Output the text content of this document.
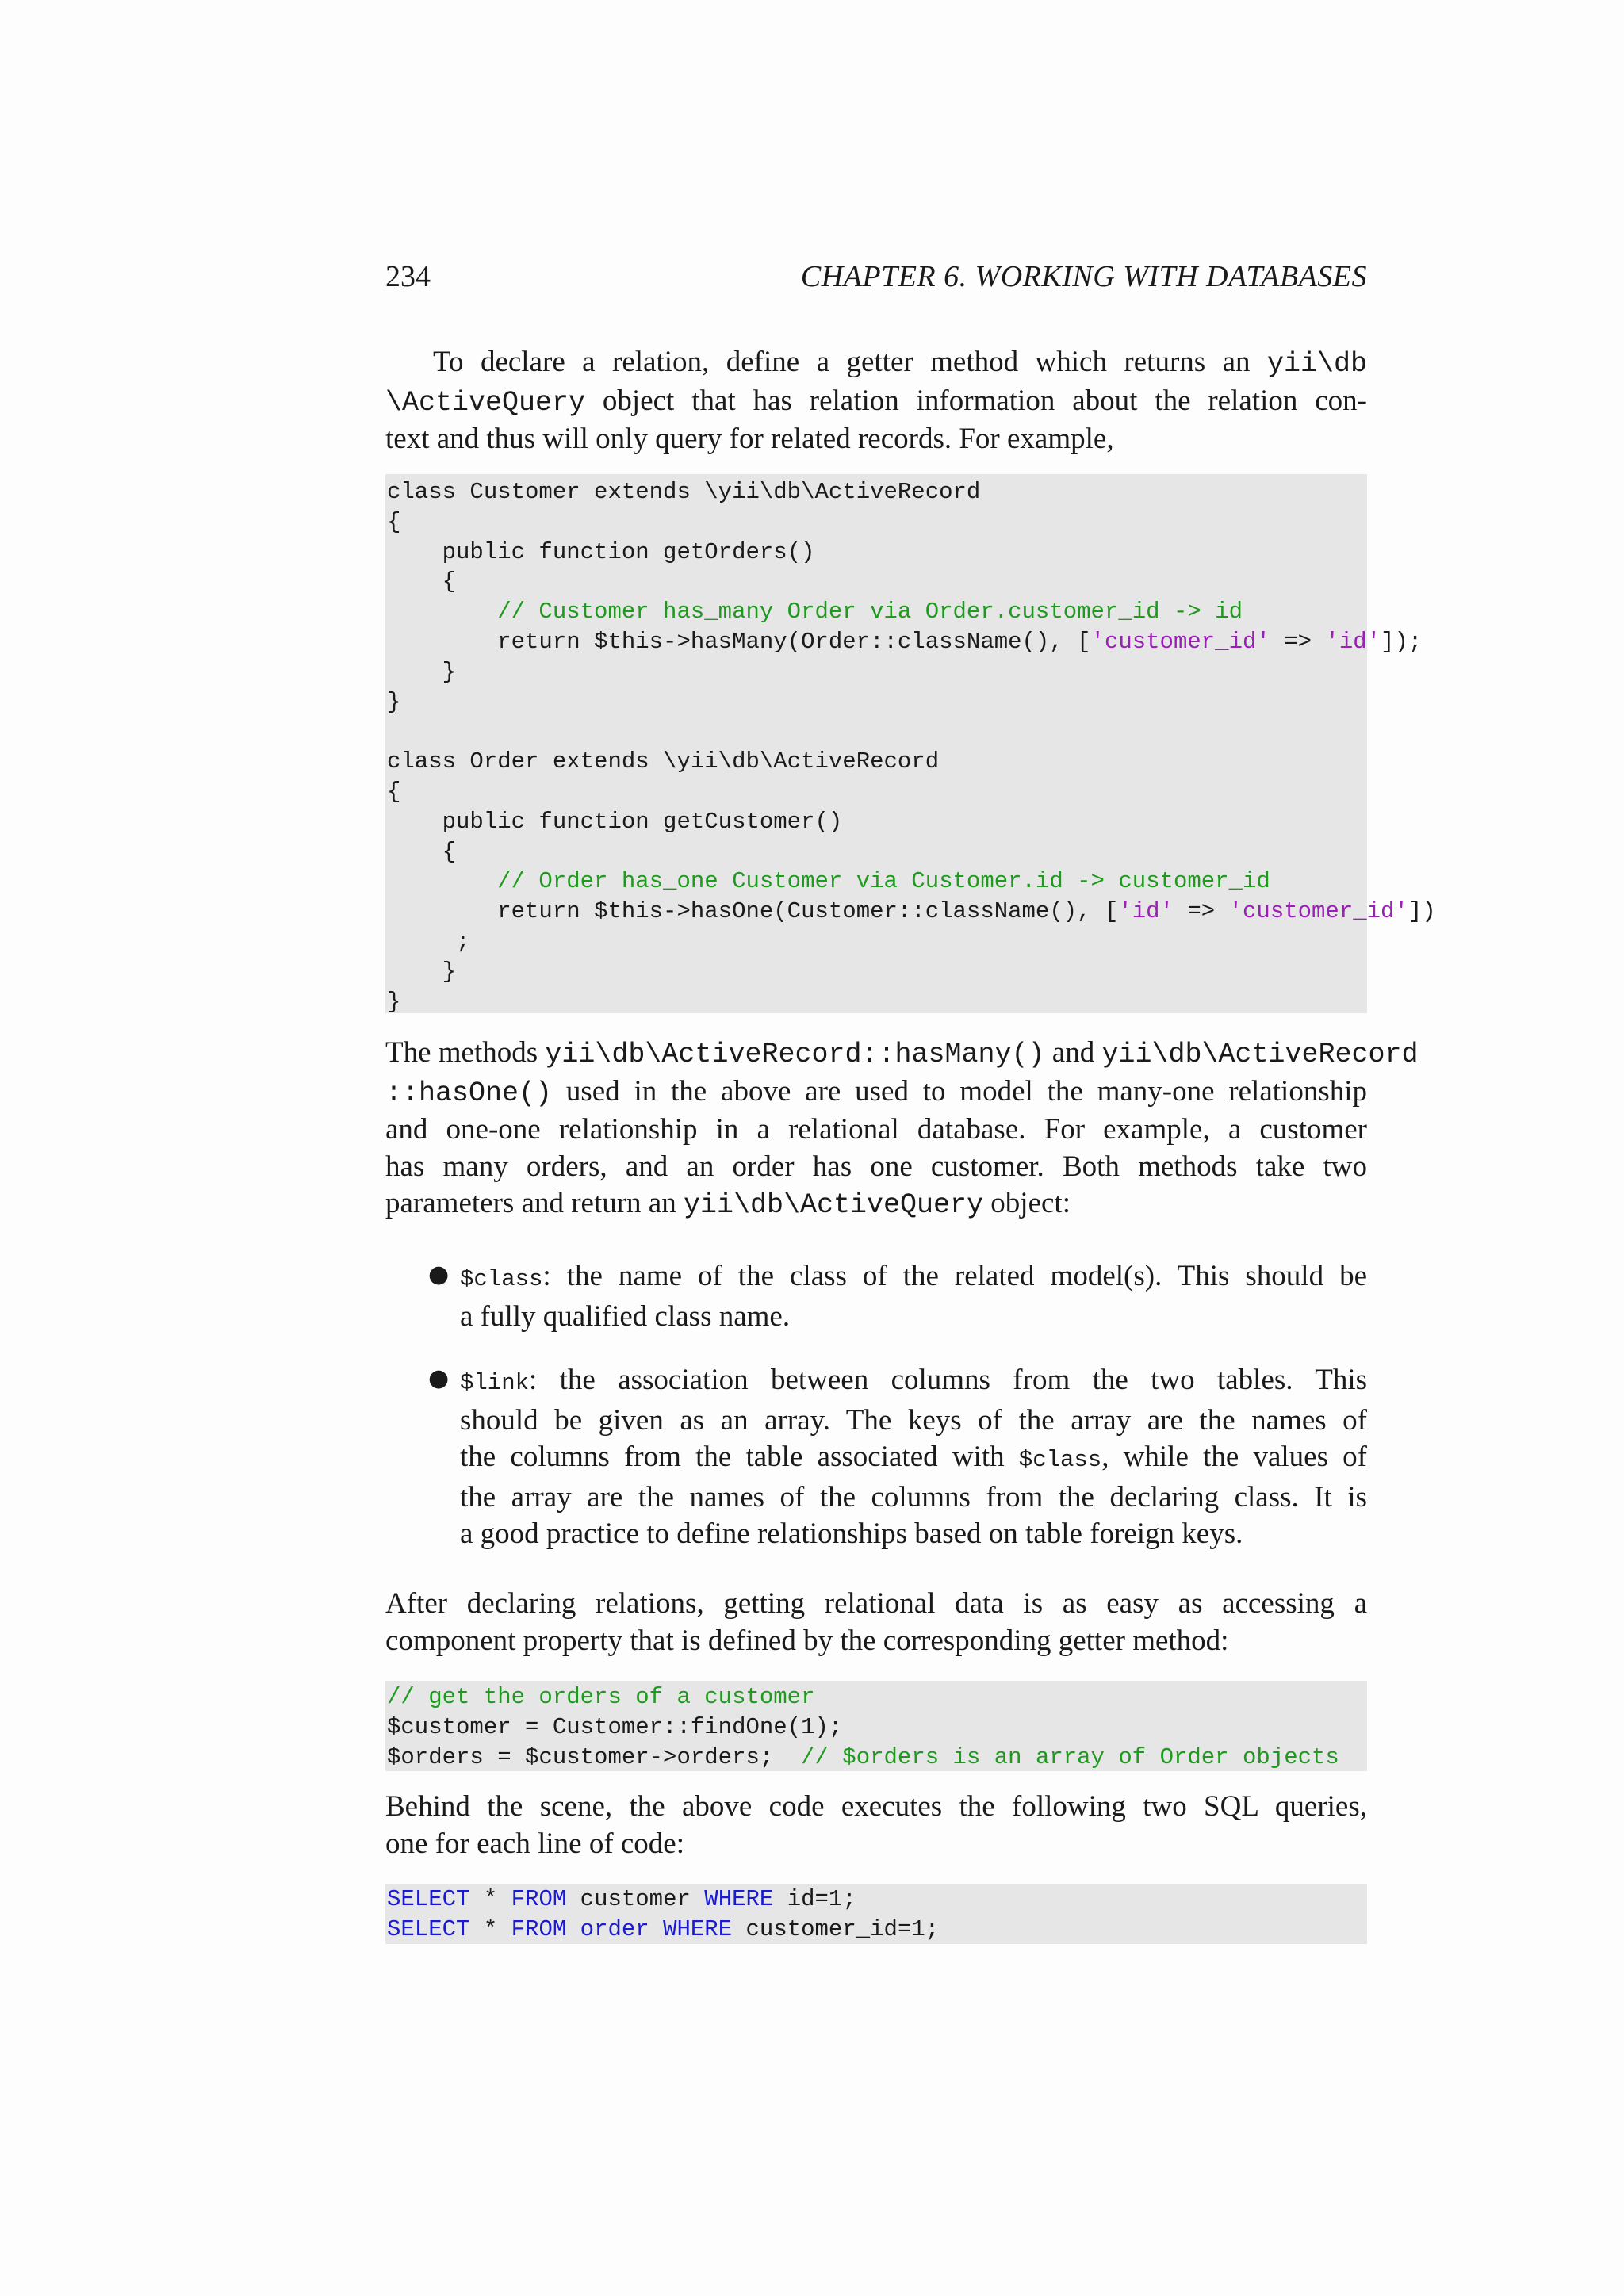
234	CHAPTER 6. WORKING WITH DATABASES
To declare a relation, define a getter method which returns an yii\db
\ActiveQuery object that has relation information about the relation con-
text and thus will only query for related records. For example,
class Customer extends \yii\db\ActiveRecord
{
public function getOrders()
{
// Customer has_many Order via Order.customer_id -> id
return $this->hasMany(Order::className(), ['customer_id' => 'id']);
}
}
class Order extends \yii\db\ActiveRecord
{
public function getCustomer()
{
// Order has_one Customer via Customer.id -> customer_id
return $this->hasOne(Customer::className(), ['id' => 'customer_id'])
;
}
}
The methods yii\db\ActiveRecord::hasMany() and yii\db\ActiveRecord
::hasOne() used in the above are used to model the many-one relationship
and one-one relationship in a relational database. For example, a customer
has many orders, and an order has one customer. Both methods take two
parameters and return an yii\db\ActiveQuery object:
● $class: the name of the class of the related model(s). This should be
a fully qualified class name.
● $link: the association between columns from the two tables. This
should be given as an array. The keys of the array are the names of
the columns from the table associated with $class, while the values of
the array are the names of the columns from the declaring class. It is
a good practice to define relationships based on table foreign keys.
After declaring relations, getting relational data is as easy as accessing a
component property that is defined by the corresponding getter method:
// get the orders of a customer
$customer = Customer::findOne(1);
$orders = $customer->orders;  // $orders is an array of Order objects
Behind the scene, the above code executes the following two SQL queries,
one for each line of code:
SELECT * FROM customer WHERE id=1;
SELECT * FROM order WHERE customer_id=1;
